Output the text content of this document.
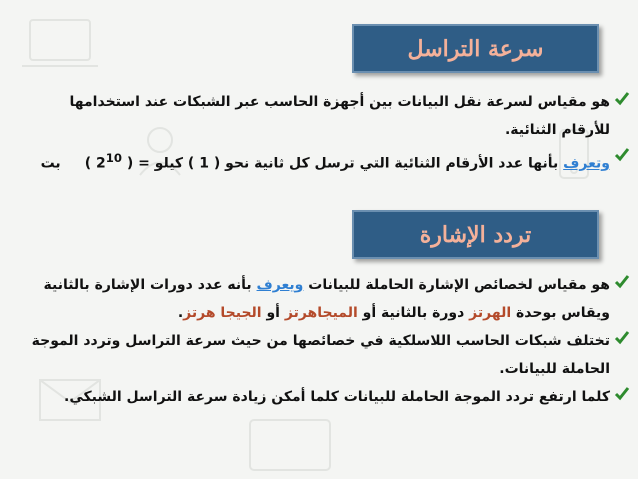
سرعة التراسل
هو مقياس لسرعة نقل البيانات بين أجهزة الحاسب عبر الشبكات عند استخدامها للأرقام الثنائية.
وتعرف بأنها عدد الأرقام الثنائية التي ترسل كل ثانية نحو ( 1 ) كيلو = ( $2^{10}$ )بت
تردد الإشارة
هو مقياس لخصائص الإشارة الحاملة للبيانات ويعرف بأنه عدد دورات الإشارة بالثانية ويقاس بوحدة الهرتز دورة بالثانية أو الميجاهرتز أو الجيجا هرتز.
تختلف شبكات الحاسب اللاسلكية في خصائصها من حيث سرعة التراسل وتردد الموجة الحاملة للبيانات.
كلما ارتفع تردد الموجة الحاملة للبيانات كلما أمكن زيادة سرعة التراسل الشبكي.
